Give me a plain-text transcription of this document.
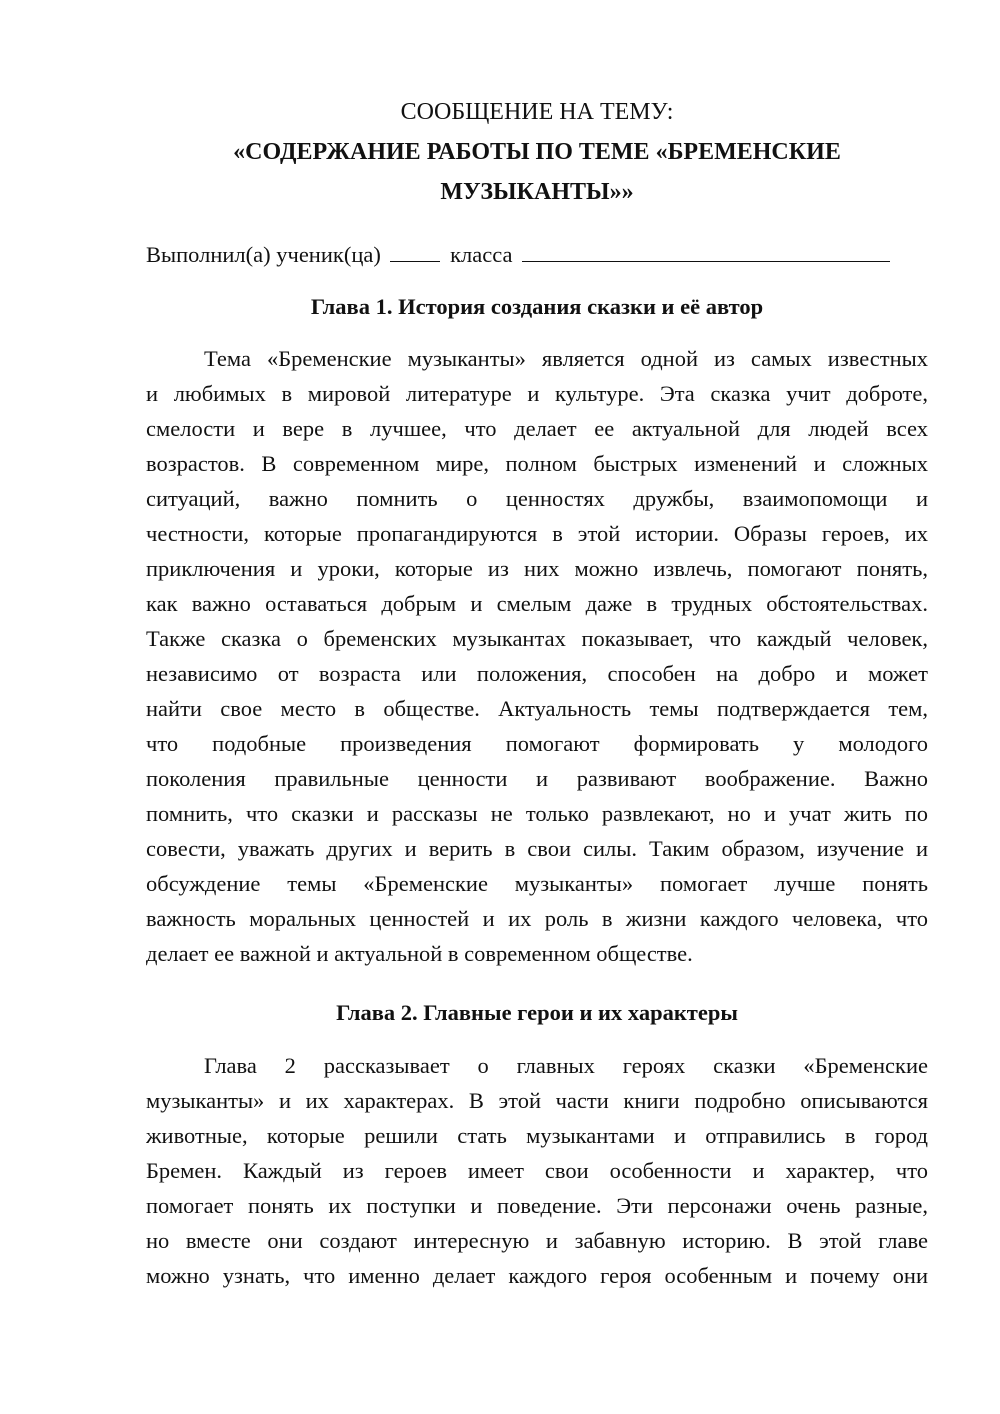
СООБЩЕНИЕ НА ТЕМУ:
«СОДЕРЖАНИЕ РАБОТЫ ПО ТЕМЕ «БРЕМЕНСКИЕ
МУЗЫКАНТЫ»»
Выполнил(а) ученик(ца)	класса
Глава 1. История создания сказки и её автор
Тема «Бременские музыканты» является одной из самых известных
и любимых в мировой литературе и культуре. Эта сказка учит доброте,
смелости и вере в лучшее, что делает ее актуальной для людей всех
возрастов. В современном мире, полном быстрых изменений и сложных
ситуаций, важно помнить о ценностях дружбы, взаимопомощи и
честности, которые пропагандируются в этой истории. Образы героев, их
приключения и уроки, которые из них можно извлечь, помогают понять,
как важно оставаться добрым и смелым даже в трудных обстоятельствах.
Также сказка о бременских музыкантах показывает, что каждый человек,
независимо от возраста или положения, способен на добро и может
найти свое место в обществе. Актуальность темы подтверждается тем,
что подобные произведения помогают формировать у молодого
поколения правильные ценности и развивают воображение. Важно
помнить, что сказки и рассказы не только развлекают, но и учат жить по
совести, уважать других и верить в свои силы. Таким образом, изучение и
обсуждение темы «Бременские музыканты» помогает лучше понять
важность моральных ценностей и их роль в жизни каждого человека, что
делает ее важной и актуальной в современном обществе.
Глава 2. Главные герои и их характеры
Глава 2 рассказывает о главных героях сказки «Бременские
музыканты» и их характерах. В этой части книги подробно описываются
животные, которые решили стать музыкантами и отправились в город
Бремен. Каждый из героев имеет свои особенности и характер, что
помогает понять их поступки и поведение. Эти персонажи очень разные,
но вместе они создают интересную и забавную историю. В этой главе
можно узнать, что именно делает каждого героя особенным и почему они
